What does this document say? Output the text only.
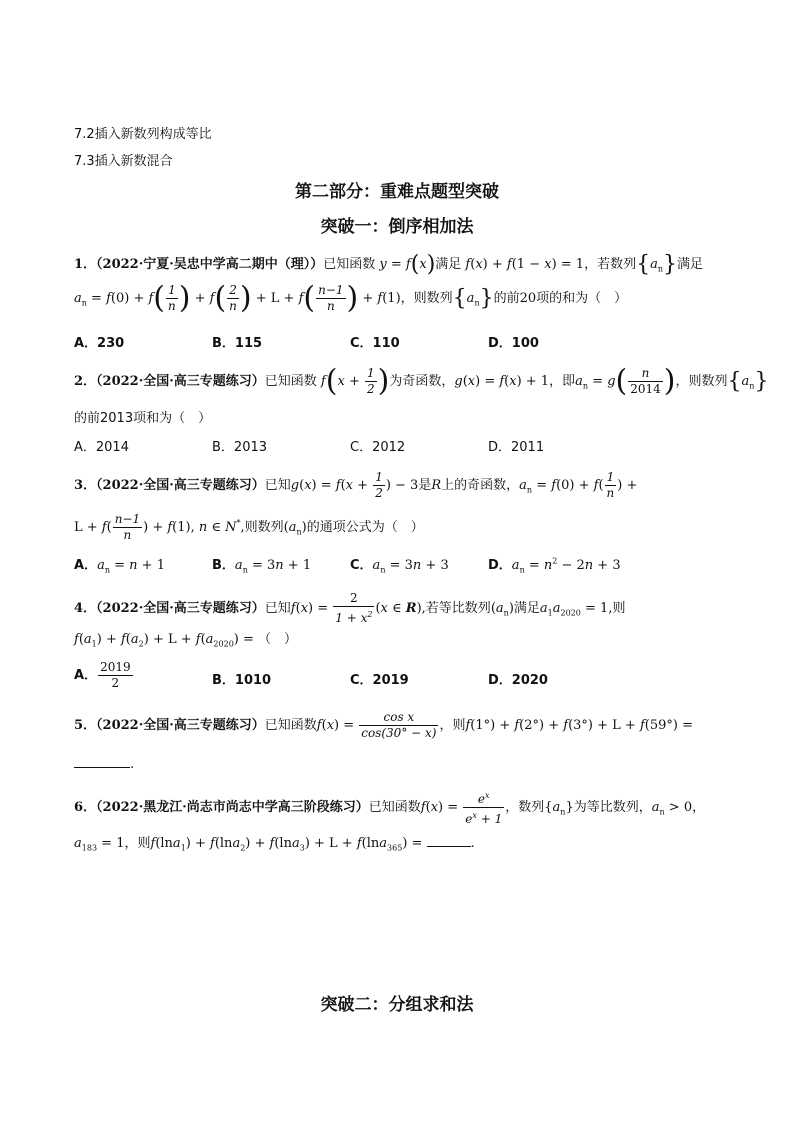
7.2插入新数列构成等比
7.3插入新数混合
第二部分：重难点题型突破
突破一：倒序相加法
1．（2022·宁夏·吴忠中学高二期中（理））已知函数 y = f(x)满足 f(x) + f(1 − x) = 1，若数列$\{a_n\}$满足
$a_n = f(0) + f( \frac{1}{n}$ ) + $f( \frac{2}{n}$ ) + $L + f( \frac{n-1}{n}$ ) + f(1)，则数列$\{a_n\}$的前20项的和为（　）
A．230	B．115	C．110	D．100
2．（2022·全国·高三专题练习）已知函数 $f(x + \frac{1}{2}$ )为奇函数，g(x) = f(x) + 1，即$a_n = g( \frac{n}{2014}$ )，则数列$\{a_n\}$
的前2013项和为（　）
A．2014	B．2013	C．2012	D．2011
3．（2022·全国·高三专题练习）已知$g(x) = f(x + \frac{1}{2}$ ) − 3是R上的奇函数，$a_n = f(0) + f( \frac{1}{n}$ ) +
$L + f( \frac{n-1}{n}$ ) + f(1), n ∈ N*,则数列$(a_n)$的通项公式为（　）
A．$a_n = n + 1$	B．$a_n = 3n + 1$	C．$a_n = 3n + 3$	D．$a_n = n^2 - 2n + 3$
4．（2022·全国·高三专题练习）已知$f(x) = \frac{2}{1 + x^2} (x$ ∈ R),若等比数列$(a_n)$满足$a_1a_{2020} = 1$,则
$f(a_1) + f(a_2) + L + f(a_{2020})$ = （　）
A． $\frac{2019}{2}$	B．1010	C．2019	D．2020
5．（2022·全国·高三专题练习）已知函数$f(x) = \frac{\text{cos x}}{\cos(30^\circ - x)}$ ，则f(1°) + f(2°) + f(3°) + L + f(59°) =
.
6．（2022·黑龙江·尚志市尚志中学高三阶段练习）已知函数$f(x) = \frac{e^x}{e^x + 1}$ ，数列$\{a_n\}$为等比数列，$a_n > 0$，
$a_{183} = 1$，则f(lna$_1$) + f(lna$_2$) + f(lna$_3$) + L + f(lna$_{365}$) =	.
突破二：分组求和法
